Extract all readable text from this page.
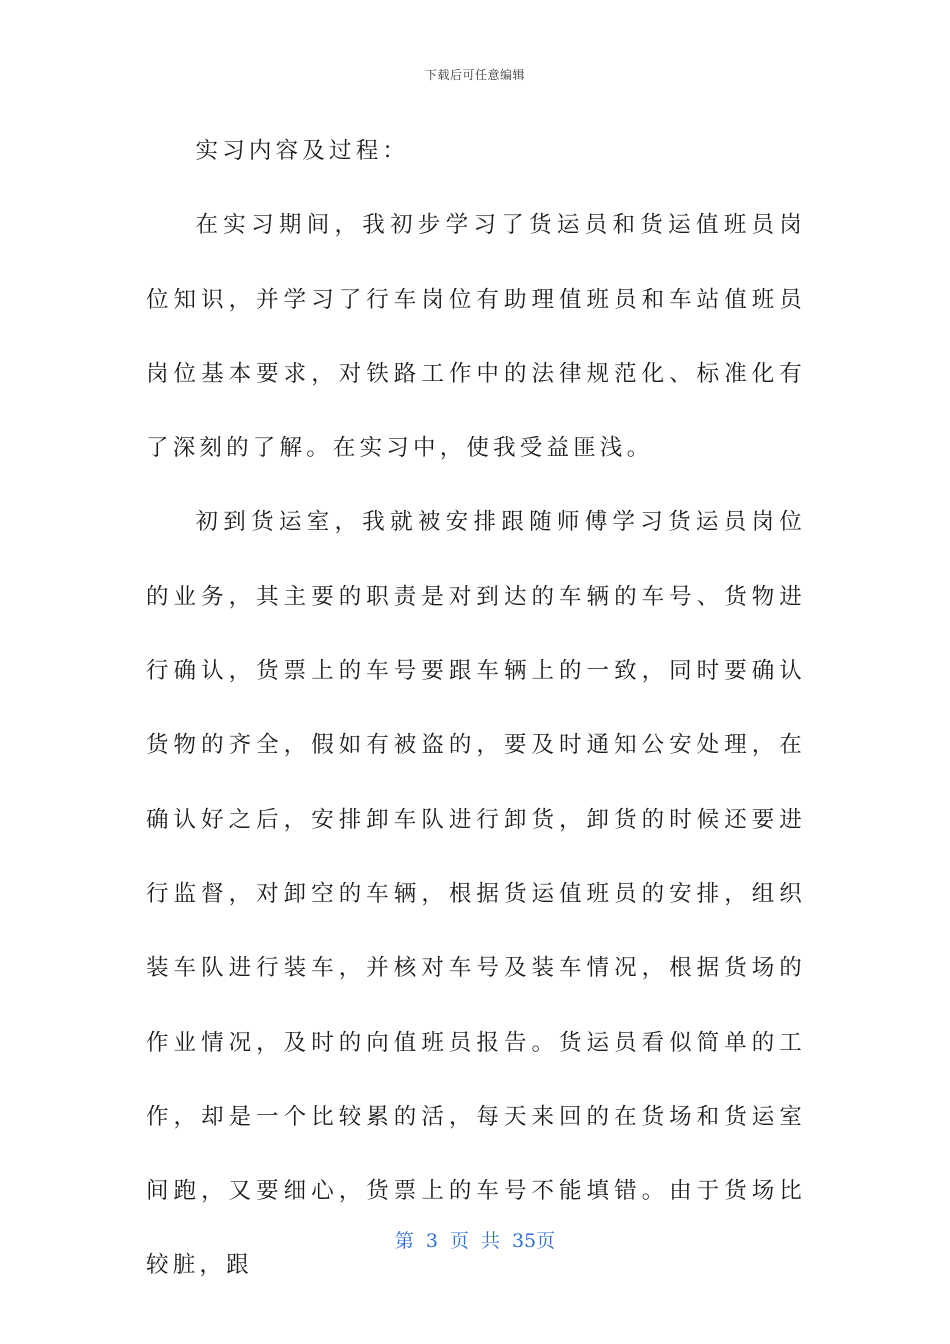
下载后可任意编辑

实习内容及过程：

在实习期间，我初步学习了货运员和货运值班员岗位知识，并学习了行车岗位有助理值班员和车站值班员岗位基本要求，对铁路工作中的法律规范化、标准化有了深刻的了解。在实习中，使我受益匪浅。

初到货运室，我就被安排跟随师傅学习货运员岗位的业务，其主要的职责是对到达的车辆的车号、货物进行确认，货票上的车号要跟车辆上的一致，同时要确认货物的齐全，假如有被盗的，要及时通知公安处理，在确认好之后，安排卸车队进行卸货，卸货的时候还要进行监督，对卸空的车辆，根据货运值班员的安排，组织装车队进行装车，并核对车号及装车情况，根据货场的作业情况，及时的向值班员报告。货运员看似简单的工作，却是一个比较累的活，每天来回的在货场和货运室间跑，又要细心，货票上的车号不能填错。由于货场比较脏，跟

第 3 页 共 35页
